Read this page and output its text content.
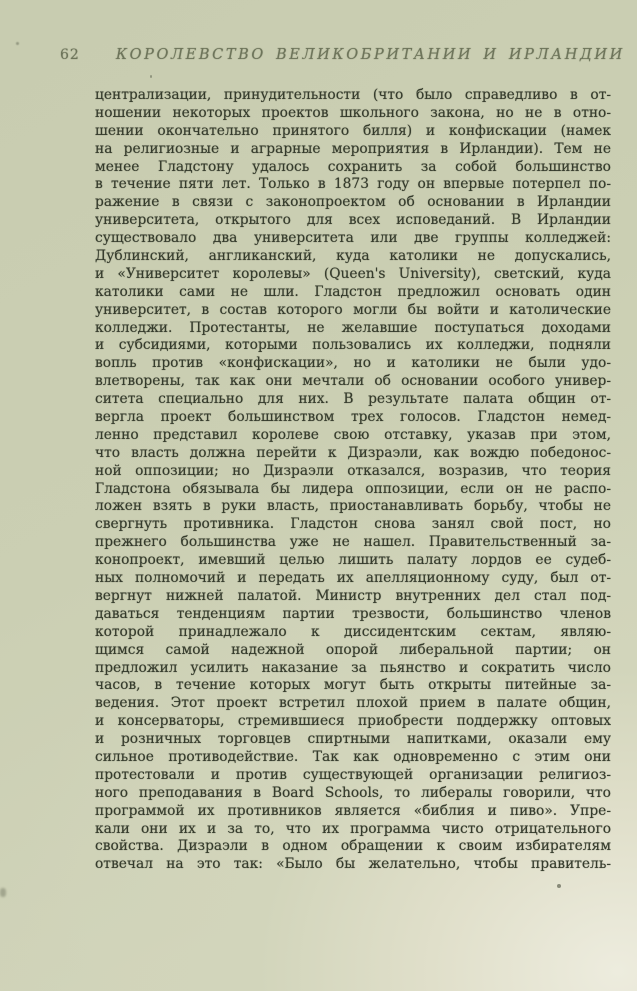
62 КОРОЛЕВСТВО ВЕЛИКОБРИТАНИИ И ИРЛАНДИИ
централизации, принудительности (что было справедливо в от-
ношении некоторых проектов школьного закона, но не в отно-
шении окончательно принятого билля) и конфискации (намек
на религиозные и аграрные мероприятия в Ирландии). Тем не
менее Гладстону удалось сохранить за собой большинство
в течение пяти лет. Только в 1873 году он впервые потерпел по-
ражение в связи с законопроектом об основании в Ирландии
университета, открытого для всех исповеданий. В Ирландии
существовало два университета или две группы колледжей:
Дублинский, англиканский, куда католики не допускались,
и «Университет королевы» (Queen's University), светский, куда
католики сами не шли. Гладстон предложил основать один
университет, в состав которого могли бы войти и католические
колледжи. Протестанты, не желавшие поступаться доходами
и субсидиями, которыми пользовались их колледжи, подняли
вопль против «конфискации», но и католики не были удо-
влетворены, так как они мечтали об основании особого универ-
ситета специально для них. В результате палата общин от-
вергла проект большинством трех голосов. Гладстон немед-
ленно представил королеве свою отставку, указав при этом,
что власть должна перейти к Дизраэли, как вождю победонос-
ной оппозиции; но Дизраэли отказался, возразив, что теория
Гладстона обязывала бы лидера оппозиции, если он не распо-
ложен взять в руки власть, приостанавливать борьбу, чтобы не
свергнуть противника. Гладстон снова занял свой пост, но
прежнего большинства уже не нашел. Правительственный за-
конопроект, имевший целью лишить палату лордов ее судеб-
ных полномочий и передать их апелляционному суду, был от-
вергнут нижней палатой. Министр внутренних дел стал под-
даваться тенденциям партии трезвости, большинство членов
которой принадлежало к диссидентским сектам, являю-
щимся самой надежной опорой либеральной партии; он
предложил усилить наказание за пьянство и сократить число
часов, в течение которых могут быть открыты питейные за-
ведения. Этот проект встретил плохой прием в палате общин,
и консерваторы, стремившиеся приобрести поддержку оптовых
и розничных торговцев спиртными напитками, оказали ему
сильное противодействие. Так как одновременно с этим они
протестовали и против существующей организации религиоз-
ного преподавания в Board Schools, то либералы говорили, что
программой их противников является «библия и пиво». Упре-
кали они их и за то, что их программа чисто отрицательного
свойства. Дизраэли в одном обращении к своим избирателям
отвечал на это так: «Было бы желательно, чтобы правитель-
